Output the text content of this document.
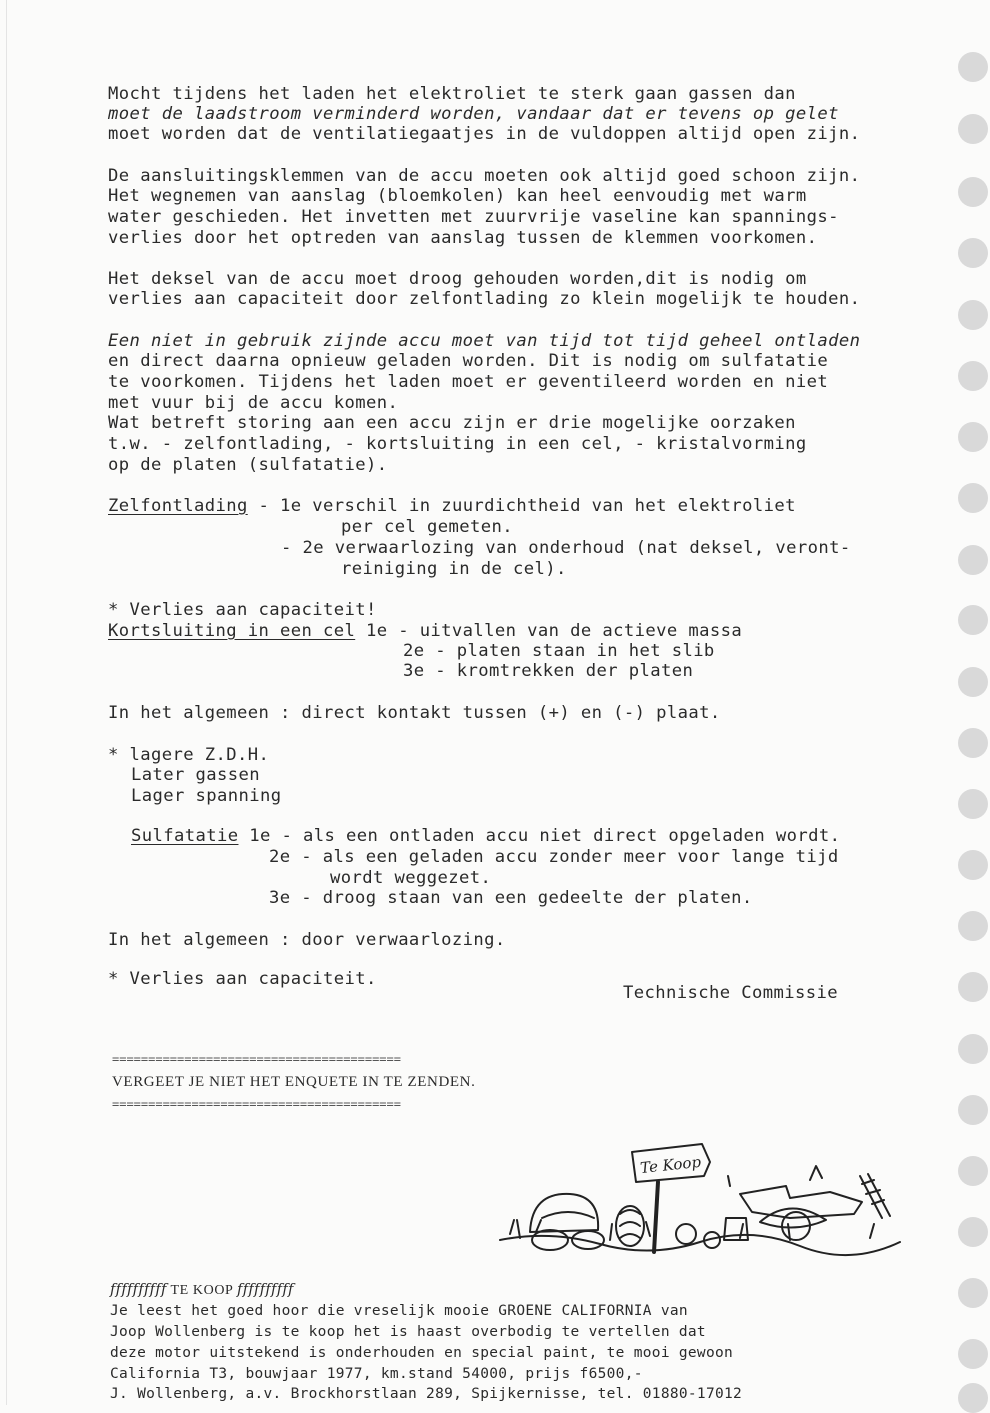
Mocht tijdens het laden het elektroliet te sterk gaan gassen dan
moet de laadstroom verminderd worden, vandaar dat er tevens op gelet
moet worden dat de ventilatiegaatjes in de vuldoppen altijd open zijn.
De aansluitingsklemmen van de accu moeten ook altijd goed schoon zijn.
Het wegnemen van aanslag (bloemkolen) kan heel eenvoudig met warm
water geschieden. Het invetten met zuurvrije vaseline kan spannings-
verlies door het optreden van aanslag tussen de klemmen voorkomen.
Het deksel van de accu moet droog gehouden worden,dit is nodig om
verlies aan capaciteit door zelfontlading zo klein mogelijk te houden.
Een niet in gebruik zijnde accu moet van tijd tot tijd geheel ontladen
en direct daarna opnieuw geladen worden. Dit is nodig om sulfatatie
te voorkomen. Tijdens het laden moet er geventileerd worden en niet
met vuur bij de accu komen.
Wat betreft storing aan een accu zijn er drie mogelijke oorzaken
t.w. - zelfontlading, - kortsluiting in een cel, - kristalvorming
op de platen (sulfatatie).
Zelfontlading - 1e verschil in zuurdichtheid van het elektroliet
per cel gemeten.
- 2e verwaarlozing van onderhoud (nat deksel, veront-
reiniging in de cel).
* Verlies aan capaciteit!
Kortsluiting in een cel 1e - uitvallen van de actieve massa
2e - platen staan in het slib
3e - kromtrekken der platen
In het algemeen : direct kontakt tussen (+) en (-) plaat.
* lagere Z.D.H.
Later gassen
Lager spanning
Sulfatatie 1e - als een ontladen accu niet direct opgeladen wordt.
2e - als een geladen accu zonder meer voor lange tijd
wordt weggezet.
3e - droog staan van een gedeelte der platen.
In het algemeen : door verwaarlozing.
* Verlies aan capaciteit.
Technische Commissie
========================================
VERGEET JE NIET HET ENQUETE IN TE ZENDEN.
========================================
Te Koop
ffffffffff TE KOOP ffffffffff
Je leest het goed hoor die vreselijk mooie GROENE CALIFORNIA van
Joop Wollenberg is te koop het is haast overbodig te vertellen dat
deze motor uitstekend is onderhouden en special paint, te mooi gewoon
California T3, bouwjaar 1977, km.stand 54000, prijs f6500,-
J. Wollenberg, a.v. Brockhorstlaan 289, Spijkernisse, tel. 01880-17012
